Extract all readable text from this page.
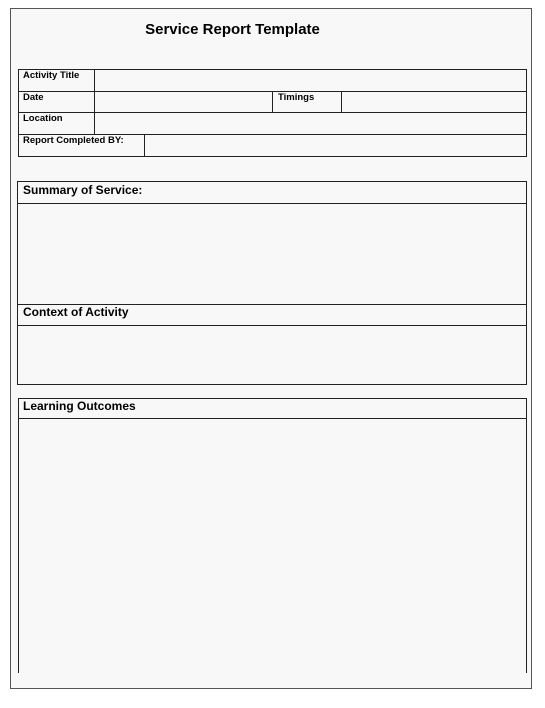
Service Report Template
Activity Title
Date	Timings
Location
Report Completed BY:
Summary of Service:
Context of Activity
Learning Outcomes
